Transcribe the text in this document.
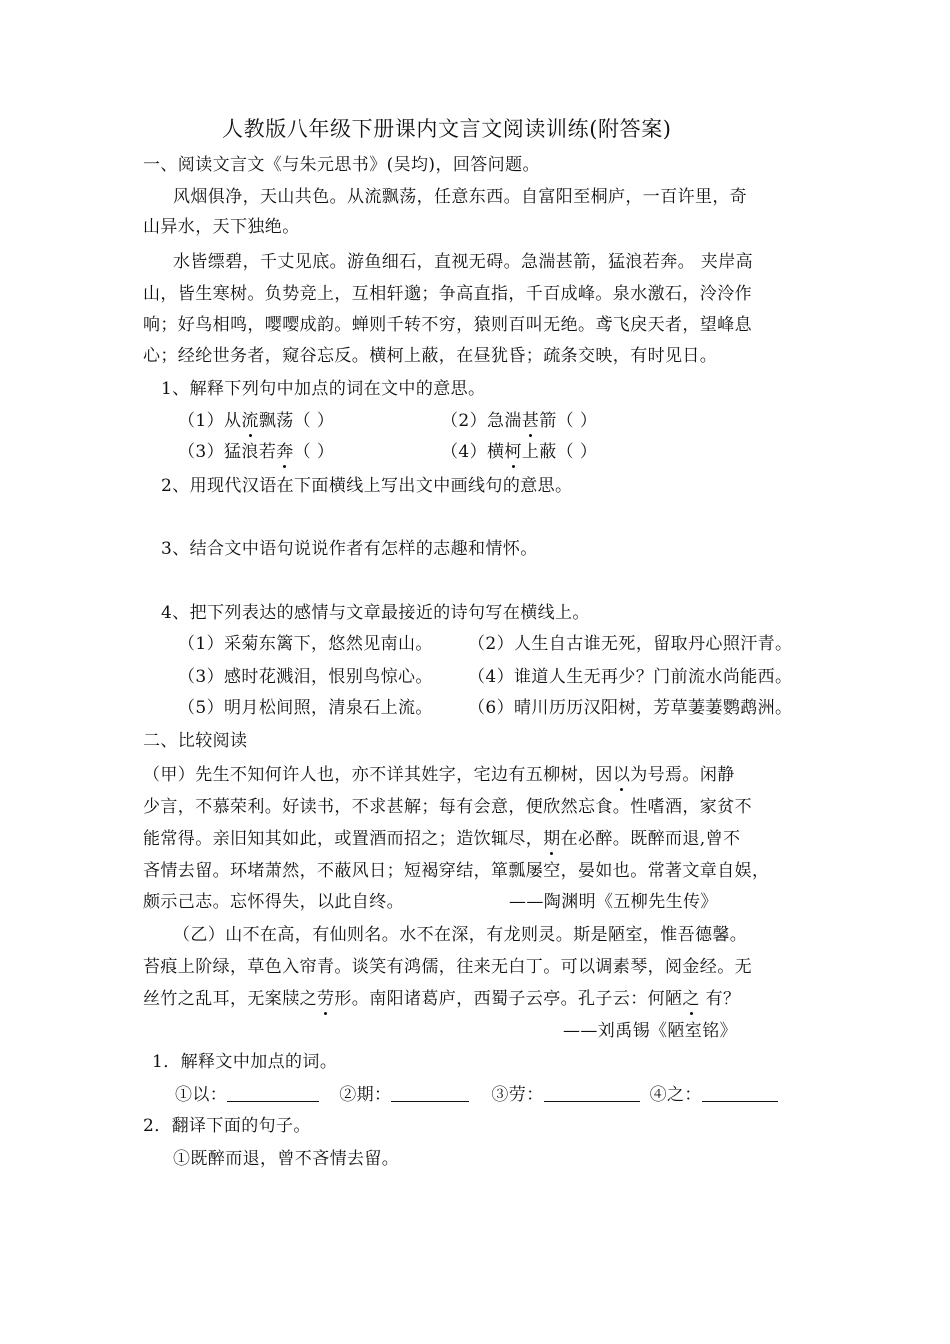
人教版八年级下册课内文言文阅读训练(附答案)
一、阅读文言文《与朱元思书》(吴均)，回答问题。
风烟俱净，天山共色。从流飘荡，任意东西。自富阳至桐庐，一百许里，奇
山异水，天下独绝。
水皆缥碧，千丈见底。游鱼细石，直视无碍。急湍甚箭，猛浪若奔。 夹岸高
山，皆生寒树。负势竞上，互相轩邈；争高直指，千百成峰。泉水激石，泠泠作
响；好鸟相鸣，嘤嘤成韵。蝉则千转不穷，猿则百叫无绝。鸢飞戾天者，望峰息
心；经纶世务者，窥谷忘反。横柯上蔽，在昼犹昏；疏条交映，有时见日。
1、解释下列句中加点的词在文中的意思。
（1）从流飘荡（ ）	（2）急湍甚箭（ ）
（3）猛浪若奔（ ）	（4）横柯上蔽（ ）
2、用现代汉语在下面横线上写出文中画线句的意思。
3、结合文中语句说说作者有怎样的志趣和情怀。
4、把下列表达的感情与文章最接近的诗句写在横线上。
（1）采菊东篱下，悠然见南山。 （2）人生自古谁无死，留取丹心照汗青。
（3）感时花溅泪，恨别鸟惊心。 （4）谁道人生无再少？门前流水尚能西。
（5）明月松间照，清泉石上流。 （6）晴川历历汉阳树，芳草萋萋鹦鹉洲。
二、比较阅读
（甲）先生不知何许人也，亦不详其姓字，宅边有五柳树，因以为号焉。闲静
少言，不慕荣利。好读书，不求甚解；每有会意，便欣然忘食。性嗜酒，家贫不
能常得。亲旧知其如此，或置酒而招之；造饮辄尽，期在必醉。既醉而退,曾不
吝情去留。环堵萧然，不蔽风日；短褐穿结，箪瓢屡空，晏如也。常著文章自娱，
颇示己志。忘怀得失，以此自终。	——陶渊明《五柳先生传》
（乙）山不在高，有仙则名。水不在深，有龙则灵。斯是陋室，惟吾德馨。
苔痕上阶绿，草色入帘青。谈笑有鸿儒，往来无白丁。可以调素琴，阅金经。无
丝竹之乱耳，无案牍之劳形。南阳诸葛庐，西蜀子云亭。孔子云：何陋之 有？
——刘禹锡《陋室铭》
1．解释文中加点的词。
①以：	②期：	③劳：	④之：
2．翻译下面的句子。
①既醉而退，曾不吝情去留。
